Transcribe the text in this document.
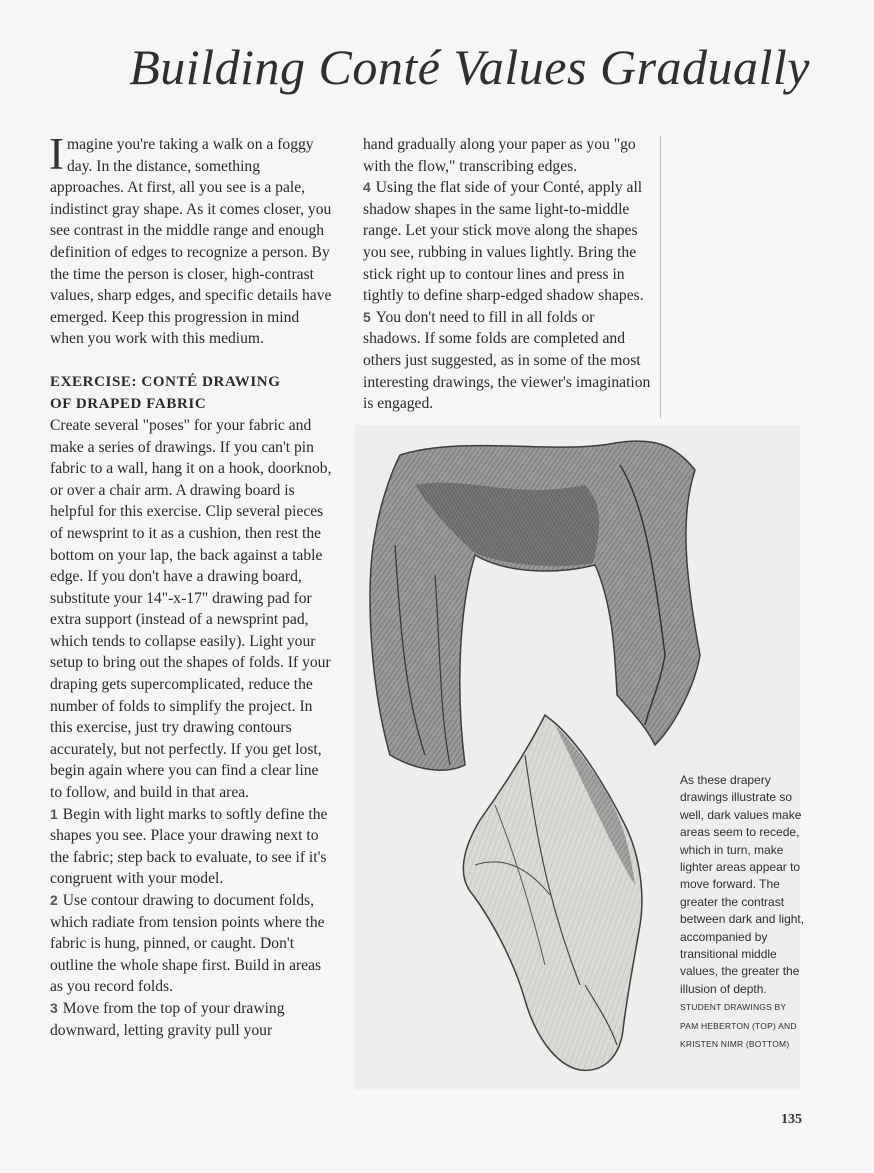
Building Conté Values Gradually

Imagine you're taking a walk on a foggy day. In the distance, something approaches. At first, all you see is a pale, indistinct gray shape. As it comes closer, you see contrast in the middle range and enough definition of edges to recognize a person. By the time the person is closer, high-contrast values, sharp edges, and specific details have emerged. Keep this progression in mind when you work with this medium.

EXERCISE: CONTÉ DRAWING
OF DRAPED FABRIC

Create several "poses" for your fabric and make a series of drawings. If you can't pin fabric to a wall, hang it on a hook, doorknob, or over a chair arm. A drawing board is helpful for this exercise. Clip several pieces of newsprint to it as a cushion, then rest the bottom on your lap, the back against a table edge. If you don't have a drawing board, substitute your 14"-x-17" drawing pad for extra support (instead of a newsprint pad, which tends to collapse easily). Light your setup to bring out the shapes of folds. If your draping gets supercomplicated, reduce the number of folds to simplify the project. In this exercise, just try drawing contours accurately, but not perfectly. If you get lost, begin again where you can find a clear line to follow, and build in that area.

1 Begin with light marks to softly define the shapes you see. Place your drawing next to the fabric; step back to evaluate, to see if it's congruent with your model.

2 Use contour drawing to document folds, which radiate from tension points where the fabric is hung, pinned, or caught. Don't outline the whole shape first. Build in areas as you record folds.

3 Move from the top of your drawing downward, letting gravity pull your

hand gradually along your paper as you "go with the flow," transcribing edges.

4 Using the flat side of your Conté, apply all shadow shapes in the same light-to-middle range. Let your stick move along the shapes you see, rubbing in values lightly. Bring the stick right up to contour lines and press in tightly to define sharp-edged shadow shapes.

5 You don't need to fill in all folds or shadows. If some folds are completed and others just suggested, as in some of the most interesting drawings, the viewer's imagination is engaged.

As these drapery drawings illustrate so well, dark values make areas seem to recede, which in turn, make lighter areas appear to move forward. The greater the contrast between dark and light, accompanied by transitional middle values, the greater the illusion of depth. STUDENT DRAWINGS BY PAM HEBERTON (TOP) AND KRISTEN NIMR (BOTTOM)
135
